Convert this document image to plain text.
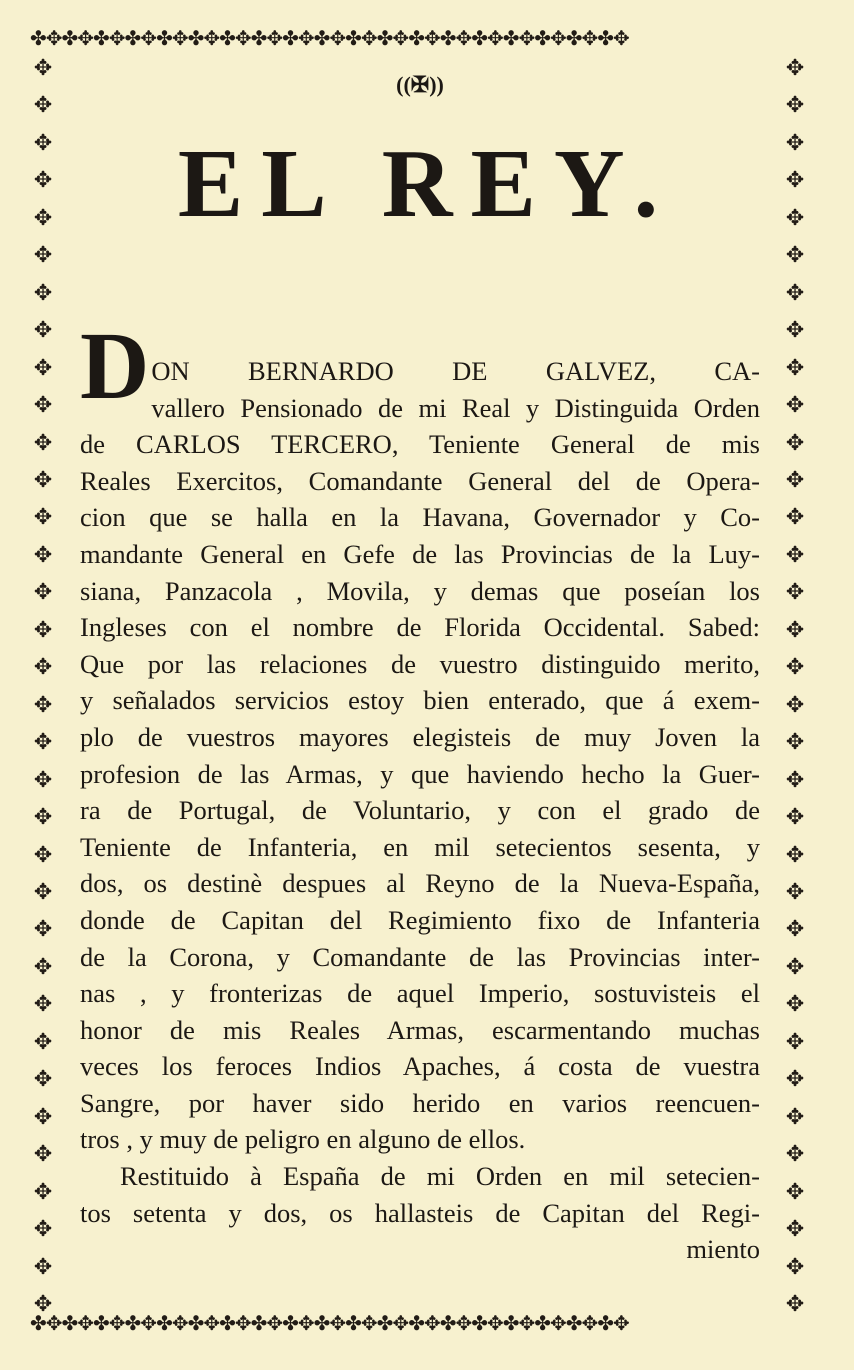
✤✥✤✥✤✥✤✥✤✥✤✥✤✥✤✥✤✥✤✥✤✥✤✥✤✥✤✥✤✥✤✥✤✥✤✥✤✥
✤✥✤✥✤✥✤✥✤✥✤✥✤✥✤✥✤✥✤✥✤✥✤✥✤✥✤✥✤✥✤✥✤✥✤✥✤✥
✥
✥
✥
✥
✥
✥
✥
✥
✥
✥
✥
✥
✥
✥
✥
✥
✥
✥
✥
✥
✥
✥
✥
✥
✥
✥
✥
✥
✥
✥
✥
✥
✥
✥
✥
✥
✥
✥
✥
✥
✥
✥
✥
✥
✥
✥
✥
✥
✥
✥
✥
✥
✥
✥
✥
✥
✥
✥
✥
✥
✥
✥
✥
✥
✥
✥
✥
✥
((✠))
EL REY.
D ON BERNARDO DE GALVEZ, CA-
vallero Pensionado de mi Real y Distinguida Orden
de CARLOS TERCERO, Teniente General de mis
Reales Exercitos, Comandante General del de Opera-
cion que se halla en la Havana, Governador y Co-
mandante General en Gefe de las Provincias de la Luy-
siana, Panzacola , Movila, y demas que poseían los
Ingleses con el nombre de Florida Occidental. Sabed:
Que por las relaciones de vuestro distinguido merito,
y señalados servicios estoy bien enterado, que á exem-
plo de vuestros mayores elegisteis de muy Joven la
profesion de las Armas, y que haviendo hecho la Guer-
ra de Portugal, de Voluntario, y con el grado de
Teniente de Infanteria, en mil setecientos sesenta, y
dos, os destinè despues al Reyno de la Nueva-España,
donde de Capitan del Regimiento fixo de Infanteria
de la Corona, y Comandante de las Provincias inter-
nas , y fronterizas de aquel Imperio, sostuvisteis el
honor de mis Reales Armas, escarmentando muchas
veces los feroces Indios Apaches, á costa de vuestra
Sangre, por haver sido herido en varios reencuen-
tros , y muy de peligro en alguno de ellos.
Restituido à España de mi Orden en mil setecien-
tos setenta y dos, os hallasteis de Capitan del Regi-
miento
